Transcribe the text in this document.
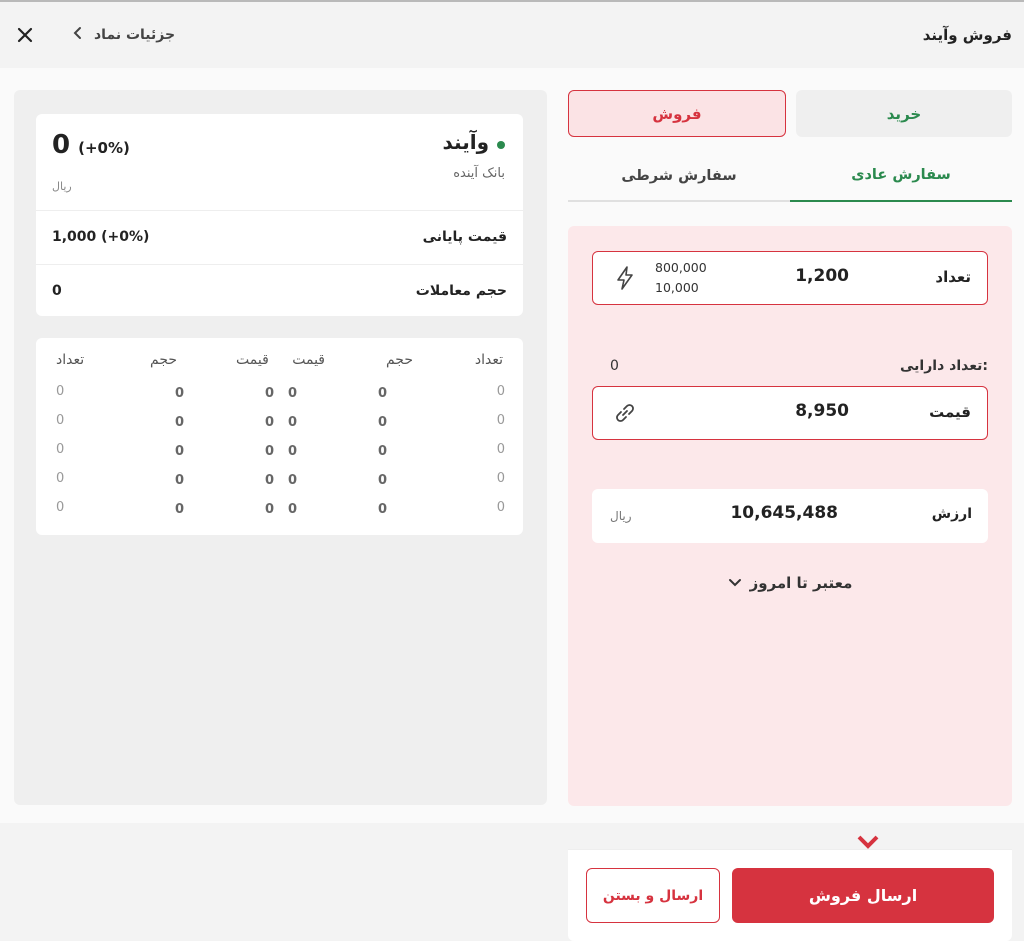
فروش وآیند
جزئیات نماد
خرید
فروش
سفارش عادی
سفارش شرطی
تعداد
1,200
800,000
10,000
تعداد دارایی:
0
قیمت
8,950
ارزش
10,645,488
ریال
معتبر تا امروز
ارسال فروش
ارسال و بستن
وآیند
بانک آینده
0 (+0%)
ریال
قیمت پایانی
1,000 (+0%)
حجم معاملات
0
تعداد
حجم
قیمت
0
0
0
0
0
0
0
0
0
0
0
0
0
0
0
قیمت
حجم
تعداد
0
0
0
0
0
0
0
0
0
0
0
0
0
0
0
